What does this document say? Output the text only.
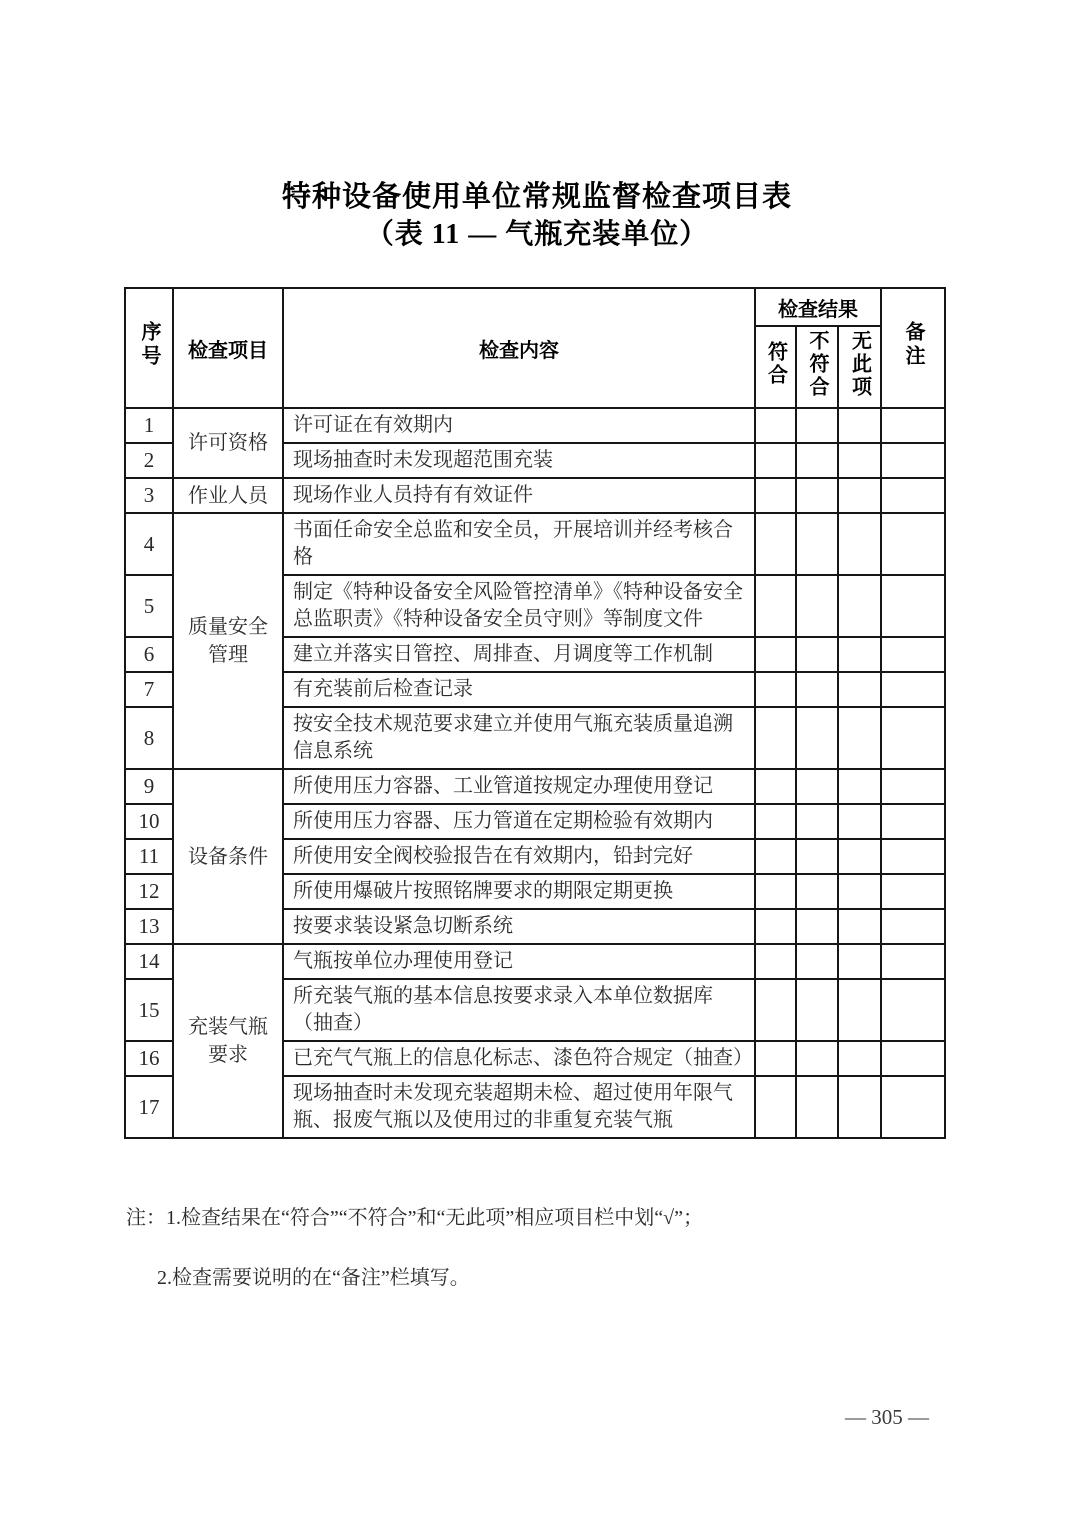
特种设备使用单位常规监督检查项目表
（表 11 — 气瓶充装单位）
序号	检查项目	检查内容	检查结果			备注
			符合	不符合	无此项	
1	许可资格	许可证在有效期内				
2		现场抽查时未发现超范围充装				
3	作业人员	现场作业人员持有有效证件				
4	质量安全管理	书面任命安全总监和安全员，开展培训并经考核合格				
5		制定《特种设备安全风险管控清单》《特种设备安全总监职责》《特种设备安全员守则》等制度文件				
6		建立并落实日管控、周排查、月调度等工作机制				
7		有充装前后检查记录				
8		按安全技术规范要求建立并使用气瓶充装质量追溯信息系统				
9	设备条件	所使用压力容器、工业管道按规定办理使用登记				
10		所使用压力容器、压力管道在定期检验有效期内				
11		所使用安全阀校验报告在有效期内，铅封完好				
12		所使用爆破片按照铭牌要求的期限定期更换				
13		按要求装设紧急切断系统				
14	充装气瓶要求	气瓶按单位办理使用登记				
15		所充装气瓶的基本信息按要求录入本单位数据库（抽查）				
16		已充气气瓶上的信息化标志、漆色符合规定（抽查）				
17		现场抽查时未发现充装超期未检、超过使用年限气瓶、报废气瓶以及使用过的非重复充装气瓶				
注：1.检查结果在“符合”“不符合”和“无此项”相应项目栏中划“√”；
2.检查需要说明的在“备注”栏填写。
— 305 —
